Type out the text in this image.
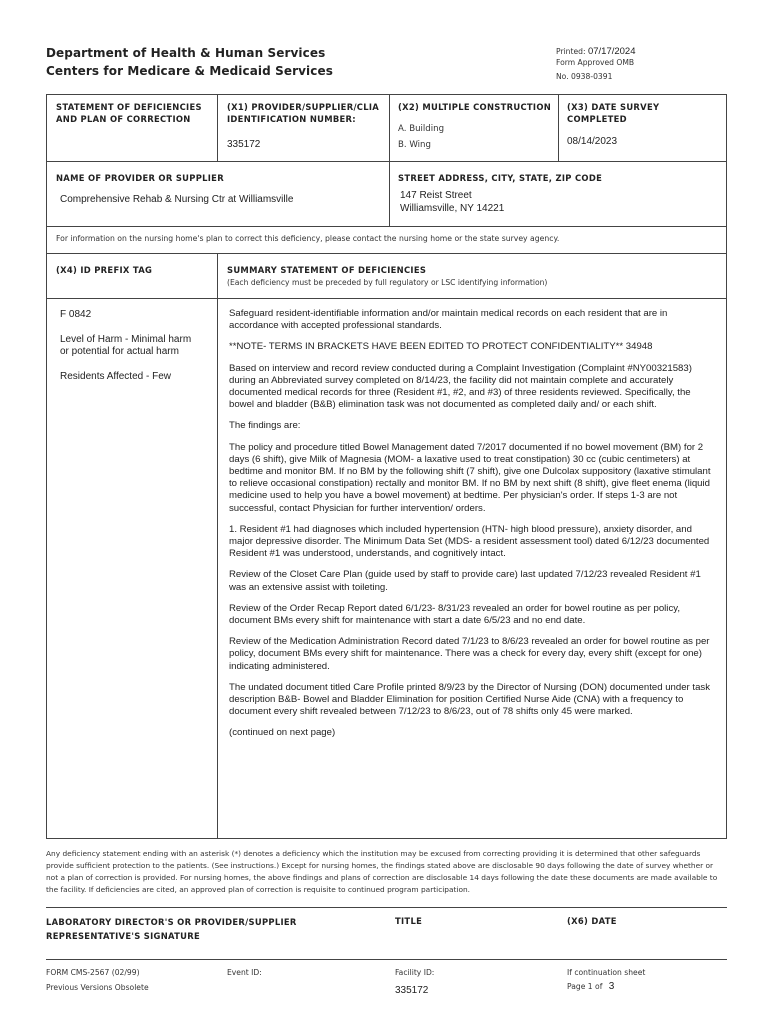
Department of Health & Human Services
Centers for Medicare & Medicaid Services
Printed: 07/17/2024
Form Approved OMB
No. 0938-0391
STATEMENT OF DEFICIENCIES
AND PLAN OF CORRECTION
(X1) PROVIDER/SUPPLIER/CLIA
IDENTIFICATION NUMBER:
335172
(X2) MULTIPLE CONSTRUCTION
A. Building
B. Wing
(X3) DATE SURVEY
COMPLETED
08/14/2023
NAME OF PROVIDER OR SUPPLIER
Comprehensive Rehab & Nursing Ctr at Williamsville
STREET ADDRESS, CITY, STATE, ZIP CODE
147 Reist Street
Williamsville, NY 14221
For information on the nursing home's plan to correct this deficiency, please contact the nursing home or the state survey agency.
(X4) ID PREFIX TAG	SUMMARY STATEMENT OF DEFICIENCIES
(Each deficiency must be preceded by full regulatory or LSC identifying information)
F 0842
Level of Harm - Minimal harm
or potential for actual harm
Residents Affected - Few

Safeguard resident-identifiable information and/or maintain medical records on each resident that are in accordance with accepted professional standards.

**NOTE- TERMS IN BRACKETS HAVE BEEN EDITED TO PROTECT CONFIDENTIALITY** 34948

Based on interview and record review conducted during a Complaint Investigation (Complaint #NY00321583) during an Abbreviated survey completed on 8/14/23, the facility did not maintain complete and accurately documented medical records for three (Resident #1, #2, and #3) of three residents reviewed. Specifically, the bowel and bladder (B&B) elimination task was not documented as completed daily and/ or each shift.

The findings are:

The policy and procedure titled Bowel Management dated 7/2017 documented if no bowel movement (BM) for 2 days (6 shift), give Milk of Magnesia (MOM- a laxative used to treat constipation) 30 cc (cubic centimeters) at bedtime and monitor BM. If no BM by the following shift (7 shift), give one Dulcolax suppository (laxative stimulant to relieve occasional constipation) rectally and monitor BM. If no BM by next shift (8 shift), give fleet enema (liquid medicine used to help you have a bowel movement) at bedtime. Per physician's order. If steps 1-3 are not successful, contact Physician for further intervention/ orders.

1. Resident #1 had diagnoses which included hypertension (HTN- high blood pressure), anxiety disorder, and major depressive disorder. The Minimum Data Set (MDS- a resident assessment tool) dated 6/12/23 documented Resident #1 was understood, understands, and cognitively intact.

Review of the Closet Care Plan (guide used by staff to provide care) last updated 7/12/23 revealed Resident #1 was an extensive assist with toileting.

Review of the Order Recap Report dated 6/1/23- 8/31/23 revealed an order for bowel routine as per policy, document BMs every shift for maintenance with start a date 6/5/23 and no end date.

Review of the Medication Administration Record dated 7/1/23 to 8/6/23 revealed an order for bowel routine as per policy, document BMs every shift for maintenance. There was a check for every day, every shift (except for one) indicating administered.

The undated document titled Care Profile printed 8/9/23 by the Director of Nursing (DON) documented under task description B&B- Bowel and Bladder Elimination for position Certified Nurse Aide (CNA) with a frequency to document every shift revealed between 7/12/23 to 8/6/23, out of 78 shifts only 45 were marked.

(continued on next page)

Any deficiency statement ending with an asterisk (*) denotes a deficiency which the institution may be excused from correcting providing it is determined that other safeguards provide sufficient protection to the patients. (See instructions.) Except for nursing homes, the findings stated above are disclosable 90 days following the date of survey whether or not a plan of correction is provided. For nursing homes, the above findings and plans of correction are disclosable 14 days following the date these documents are made available to the facility. If deficiencies are cited, an approved plan of correction is requisite to continued program participation.
LABORATORY DIRECTOR'S OR PROVIDER/SUPPLIER
REPRESENTATIVE'S SIGNATURE
TITLE	(X6) DATE
FORM CMS-2567 (02/99)
Previous Versions Obsolete
Event ID:	Facility ID:
335172
If continuation sheet
Page 1 of 3
